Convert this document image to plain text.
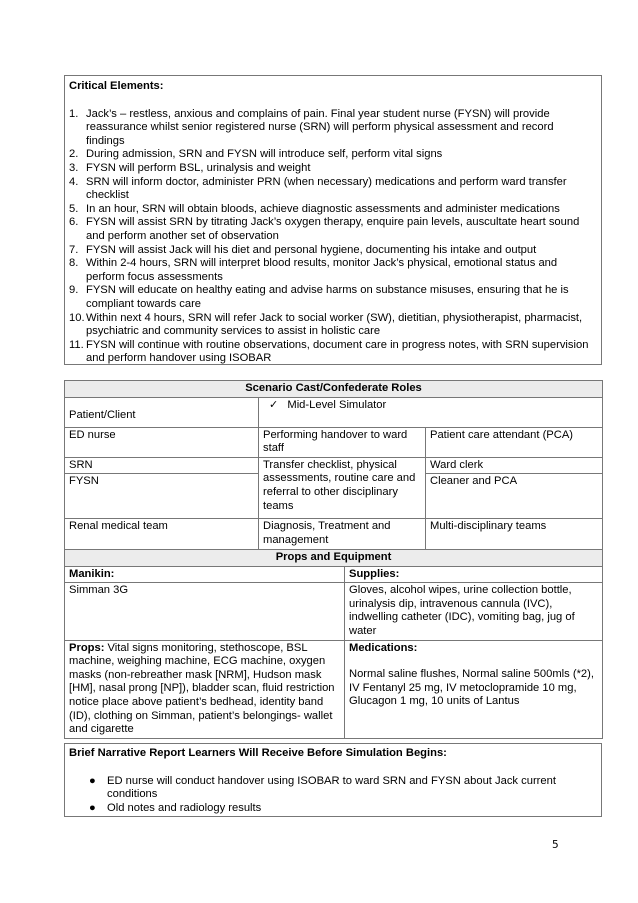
Critical Elements:
1. Jack’s – restless, anxious and complains of pain. Final year student nurse (FYSN) will provide reassurance whilst senior registered nurse (SRN) will perform physical assessment and record findings
2. During admission, SRN and FYSN will introduce self, perform vital signs
3. FYSN will perform BSL, urinalysis and weight
4. SRN will inform doctor, administer PRN (when necessary) medications and perform ward transfer checklist
5. In an hour, SRN will obtain bloods, achieve diagnostic assessments and administer medications
6. FYSN will assist SRN by titrating Jack’s oxygen therapy, enquire pain levels, auscultate heart sound and perform another set of observation
7. FYSN will assist Jack will his diet and personal hygiene, documenting his intake and output
8. Within 2-4 hours, SRN will interpret blood results, monitor Jack’s physical, emotional status and perform focus assessments
9. FYSN will educate on healthy eating and advise harms on substance misuses, ensuring that he is compliant towards care
10. Within next 4 hours, SRN will refer Jack to social worker (SW), dietitian, physiotherapist, pharmacist, psychiatric and community services to assist in holistic care
11. FYSN will continue with routine observations, document care in progress notes, with SRN supervision and perform handover using ISOBAR
Scenario Cast/Confederate Roles		
Patient/Client	✓ Mid-Level Simulator	
ED nurse	Performing handover to ward staff	Patient care attendant (PCA)
SRN	Transfer checklist, physical assessments, routine care and referral to other disciplinary teams	Ward clerk
FYSN		Cleaner and PCA
Renal medical team	Diagnosis, Treatment and management	Multi-disciplinary teams
Props and Equipment	
Manikin:	Supplies:
Simman 3G	Gloves, alcohol wipes, urine collection bottle, urinalysis dip, intravenous cannula (IVC), indwelling catheter (IDC), vomiting bag, jug of water
Props: Vital signs monitoring, stethoscope, BSL machine, weighing machine, ECG machine, oxygen masks (non-rebreather mask [NRM], Hudson mask [HM], nasal prong [NP]), bladder scan, fluid restriction notice place above patient’s bedhead, identity band (ID), clothing on Simman, patient’s belongings- wallet and cigarette	Medications:
Normal saline flushes, Normal saline 500mls (*2), IV Fentanyl 25 mg, IV metoclopramide 10 mg, Glucagon 1 mg, 10 units of Lantus
Brief Narrative Report Learners Will Receive Before Simulation Begins:
● ED nurse will conduct handover using ISOBAR to ward SRN and FYSN about Jack current conditions
● Old notes and radiology results
5
